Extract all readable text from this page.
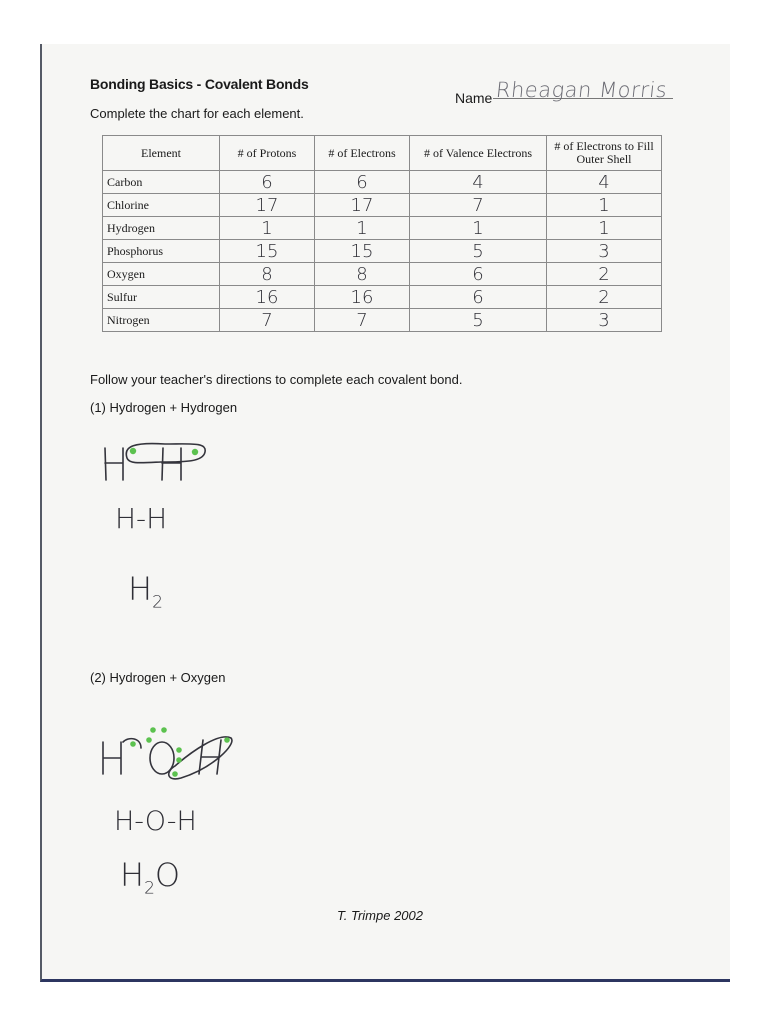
Bonding Basics - Covalent Bonds
Name Rheagan Morris
Complete the chart for each element.
Element	# of Protons	# of Electrons	# of Valence Electrons	# of Electrons to Fill Outer Shell
Carbon	6	6	4	4
Chlorine	17	17	7	1
Hydrogen	1	1	1	1
Phosphorus	15	15	5	3
Oxygen	8	8	6	2
Sulfur	16	16	6	2
Nitrogen	7	7	5	3
Follow your teacher's directions to complete each covalent bond.
(1) Hydrogen + Hydrogen
H-H
$H_2$
(2) Hydrogen + Oxygen
H-O-H
$H_2O$
T. Trimpe 2002
